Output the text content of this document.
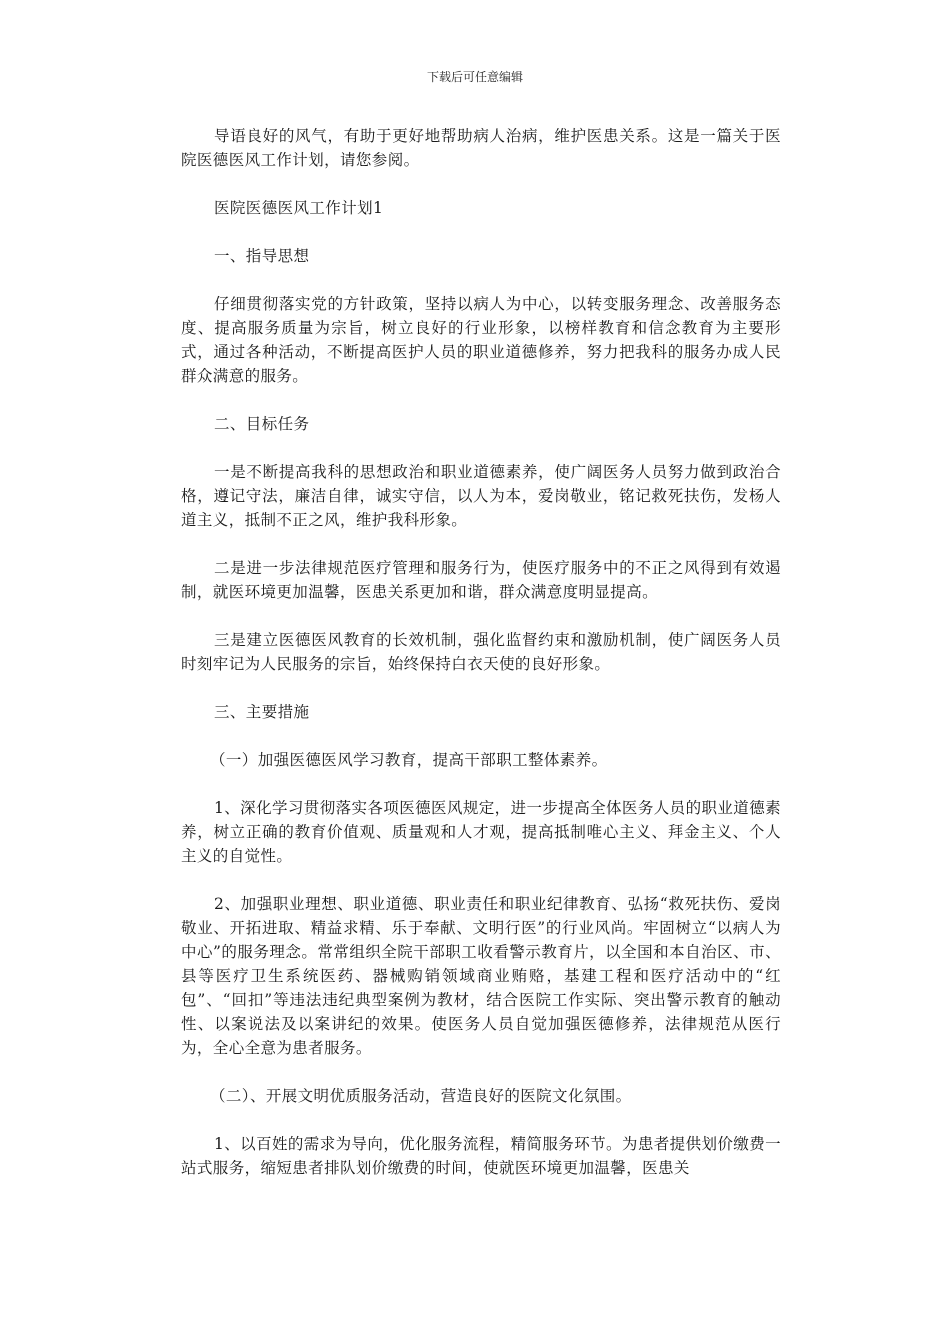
下载后可任意编辑

导语良好的风气，有助于更好地帮助病人治病，维护医患关系。这是一篇关于医院医德医风工作计划，请您参阅。

医院医德医风工作计划1

一、指导思想

仔细贯彻落实党的方针政策，坚持以病人为中心，以转变服务理念、改善服务态度、提高服务质量为宗旨，树立良好的行业形象，以榜样教育和信念教育为主要形式，通过各种活动，不断提高医护人员的职业道德修养，努力把我科的服务办成人民群众满意的服务。

二、目标任务

一是不断提高我科的思想政治和职业道德素养，使广阔医务人员努力做到政治合格，遵记守法，廉洁自律，诚实守信，以人为本，爱岗敬业，铭记救死扶伤，发杨人道主义，抵制不正之风，维护我科形象。

二是进一步法律规范医疗管理和服务行为，使医疗服务中的不正之风得到有效遏制，就医环境更加温馨，医患关系更加和谐，群众满意度明显提高。

三是建立医德医风教育的长效机制，强化监督约束和激励机制，使广阔医务人员时刻牢记为人民服务的宗旨，始终保持白衣天使的良好形象。

三、主要措施

（一）加强医德医风学习教育，提高干部职工整体素养。

1、深化学习贯彻落实各项医德医风规定，进一步提高全体医务人员的职业道德素养，树立正确的教育价值观、质量观和人才观，提高抵制唯心主义、拜金主义、个人主义的自觉性。

2、加强职业理想、职业道德、职业责任和职业纪律教育、弘扬“救死扶伤、爱岗敬业、开拓进取、精益求精、乐于奉献、文明行医”的行业风尚。牢固树立“以病人为中心”的服务理念。常常组织全院干部职工收看警示教育片，以全国和本自治区、市、县等医疗卫生系统医药、器械购销领域商业贿赂，基建工程和医疗活动中的“红包”、“回扣”等违法违纪典型案例为教材，结合医院工作实际、突出警示教育的触动性、以案说法及以案讲纪的效果。使医务人员自觉加强医德修养，法律规范从医行为，全心全意为患者服务。

（二）、开展文明优质服务活动，营造良好的医院文化氛围。

1、以百姓的需求为导向，优化服务流程，精简服务环节。为患者提供划价缴费一站式服务，缩短患者排队划价缴费的时间，使就医环境更加温馨，医患关
